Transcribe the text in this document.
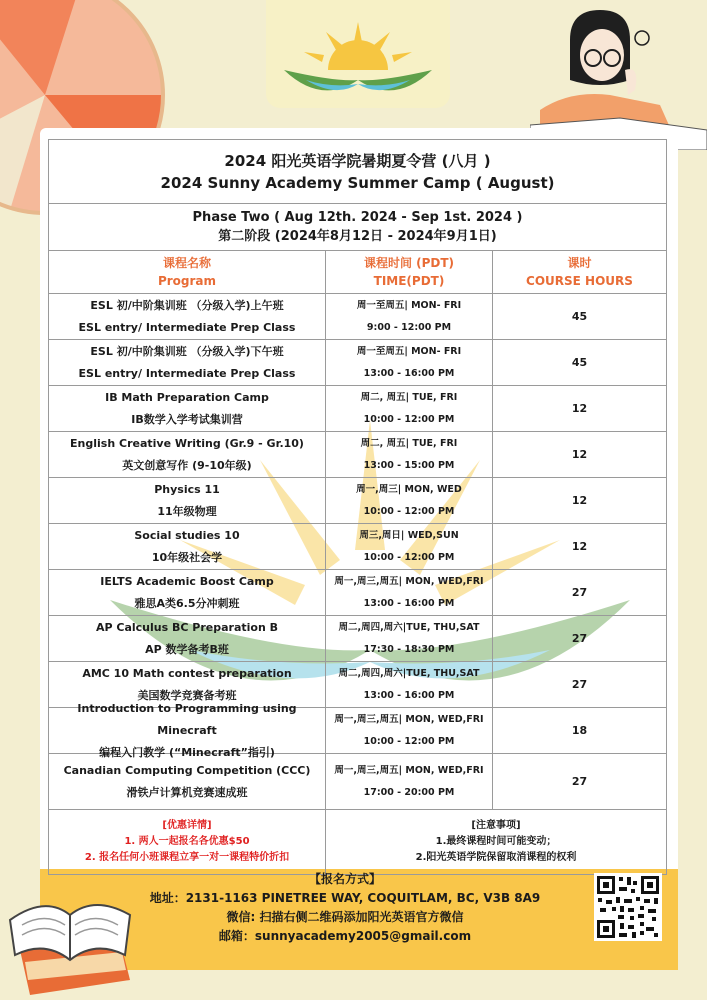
2024 阳光英语学院暑期夏令营 (八月 )
2024 Sunny Academy Summer Camp ( August)
Phase Two ( Aug 12th. 2024 - Sep 1st. 2024 )
第二阶段 (2024年8月12日 - 2024年9月1日)
课程名称
Program
课程时间 (PDT)
TIME(PDT)
课时
COURSE HOURS
ESL 初/中阶集训班 （分级入学)上午班
ESL entry/ Intermediate Prep Class
周一至周五| MON- FRI
9:00 - 12:00 PM
45
ESL 初/中阶集训班 （分级入学)下午班
ESL entry/ Intermediate Prep Class
周一至周五| MON- FRI
13:00 - 16:00 PM
45
IB Math Preparation Camp
IB数学入学考试集训营
周二, 周五| TUE, FRI
10:00 - 12:00 PM
12
English Creative Writing (Gr.9 - Gr.10)
英文创意写作 (9-10年级)
周二, 周五| TUE, FRI
13:00 - 15:00 PM
12
Physics 11
11年级物理
周一,周三| MON, WED
10:00 - 12:00 PM
12
Social studies 10
10年级社会学
周三,周日| WED,SUN
10:00 - 12:00 PM
12
IELTS Academic Boost Camp
雅思A类6.5分冲刺班
周一,周三,周五| MON, WED,FRI
13:00 - 16:00 PM
27
AP Calculus BC Preparation B
AP 数学备考B班
周二,周四,周六|TUE, THU,SAT
17:30 - 18:30 PM
27
AMC 10 Math contest preparation
美国数学竞赛备考班
周二,周四,周六|TUE, THU,SAT
13:00 - 16:00 PM
27
Introduction to Programming using Minecraft
编程入门教学 (“Minecraft”指引)
周一,周三,周五| MON, WED,FRI
10:00 - 12:00 PM
18
Canadian Computing Competition (CCC)
滑铁卢计算机竞赛速成班
周一,周三,周五| MON, WED,FRI
17:00 - 20:00 PM
27
[优惠详情]
1. 两人一起报名各优惠$50
2. 报名任何小班课程立享一对一课程特价折扣
[注意事项]
1.最终课程时间可能变动；
2.阳光英语学院保留取消课程的权利
【报名方式】
地址：2131-1163 PINETREE WAY, COQUITLAM, BC, V3B 8A9
微信: 扫描右侧二维码添加阳光英语官方微信
邮箱：sunnyacademy2005@gmail.com
